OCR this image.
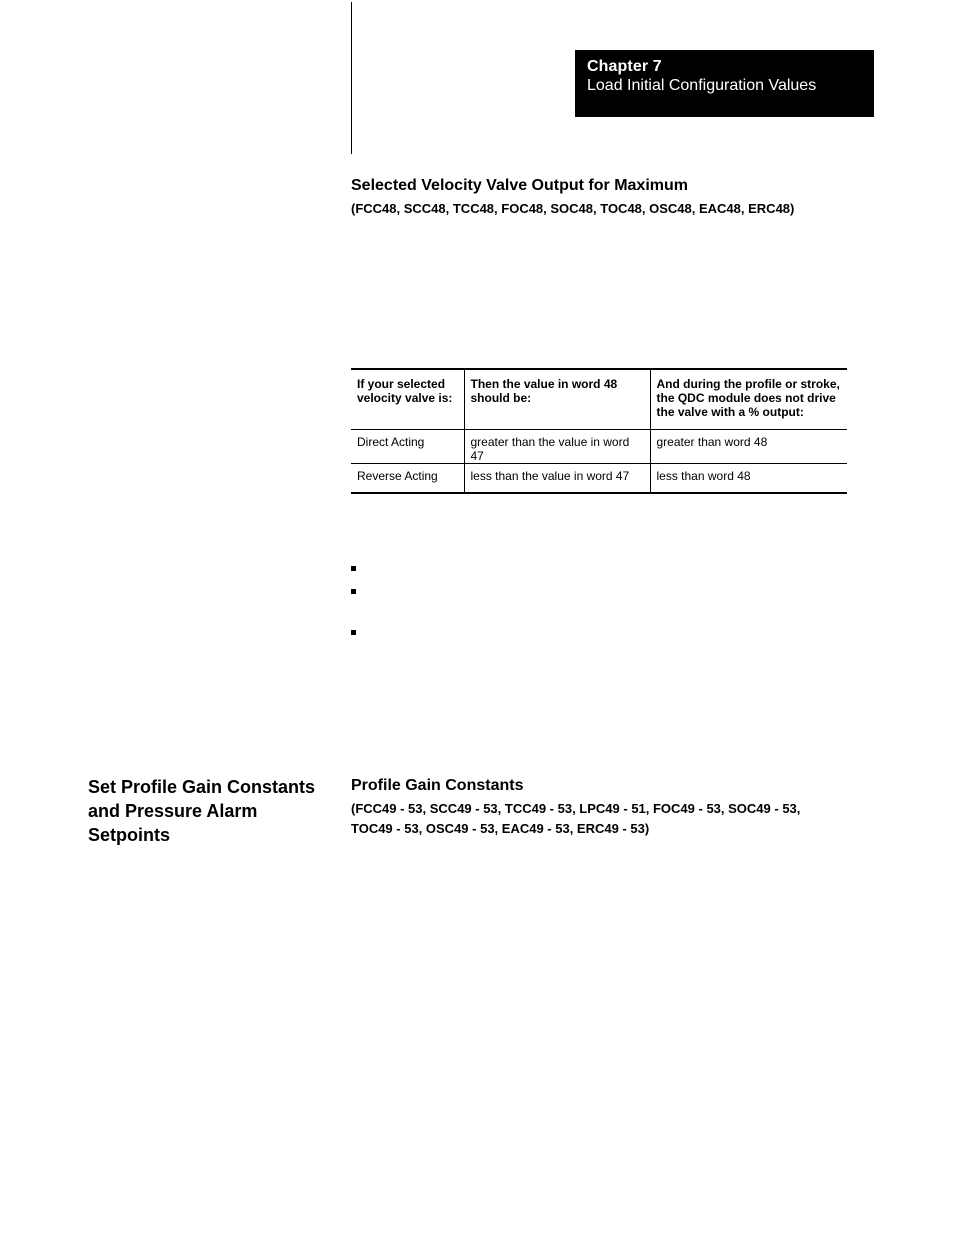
Chapter 7
Load Initial Configuration Values
Selected Velocity Valve Output for Maximum
(FCC48, SCC48, TCC48, FOC48, SOC48, TOC48, OSC48, EAC48, ERC48)
If your selected velocity valve is:	Then the value in word 48 should be:	And during the profile or stroke, the QDC module does not drive the valve with a % output:
Direct Acting	greater than the value in word 47	greater than word 48
Reverse Acting	less than the value in word 47	less than word 48
Set Profile Gain Constants and Pressure Alarm Setpoints
Profile Gain Constants
(FCC49 - 53, SCC49 - 53, TCC49 - 53, LPC49 - 51, FOC49 - 53, SOC49 - 53,
TOC49 - 53, OSC49 - 53, EAC49 - 53, ERC49 - 53)
